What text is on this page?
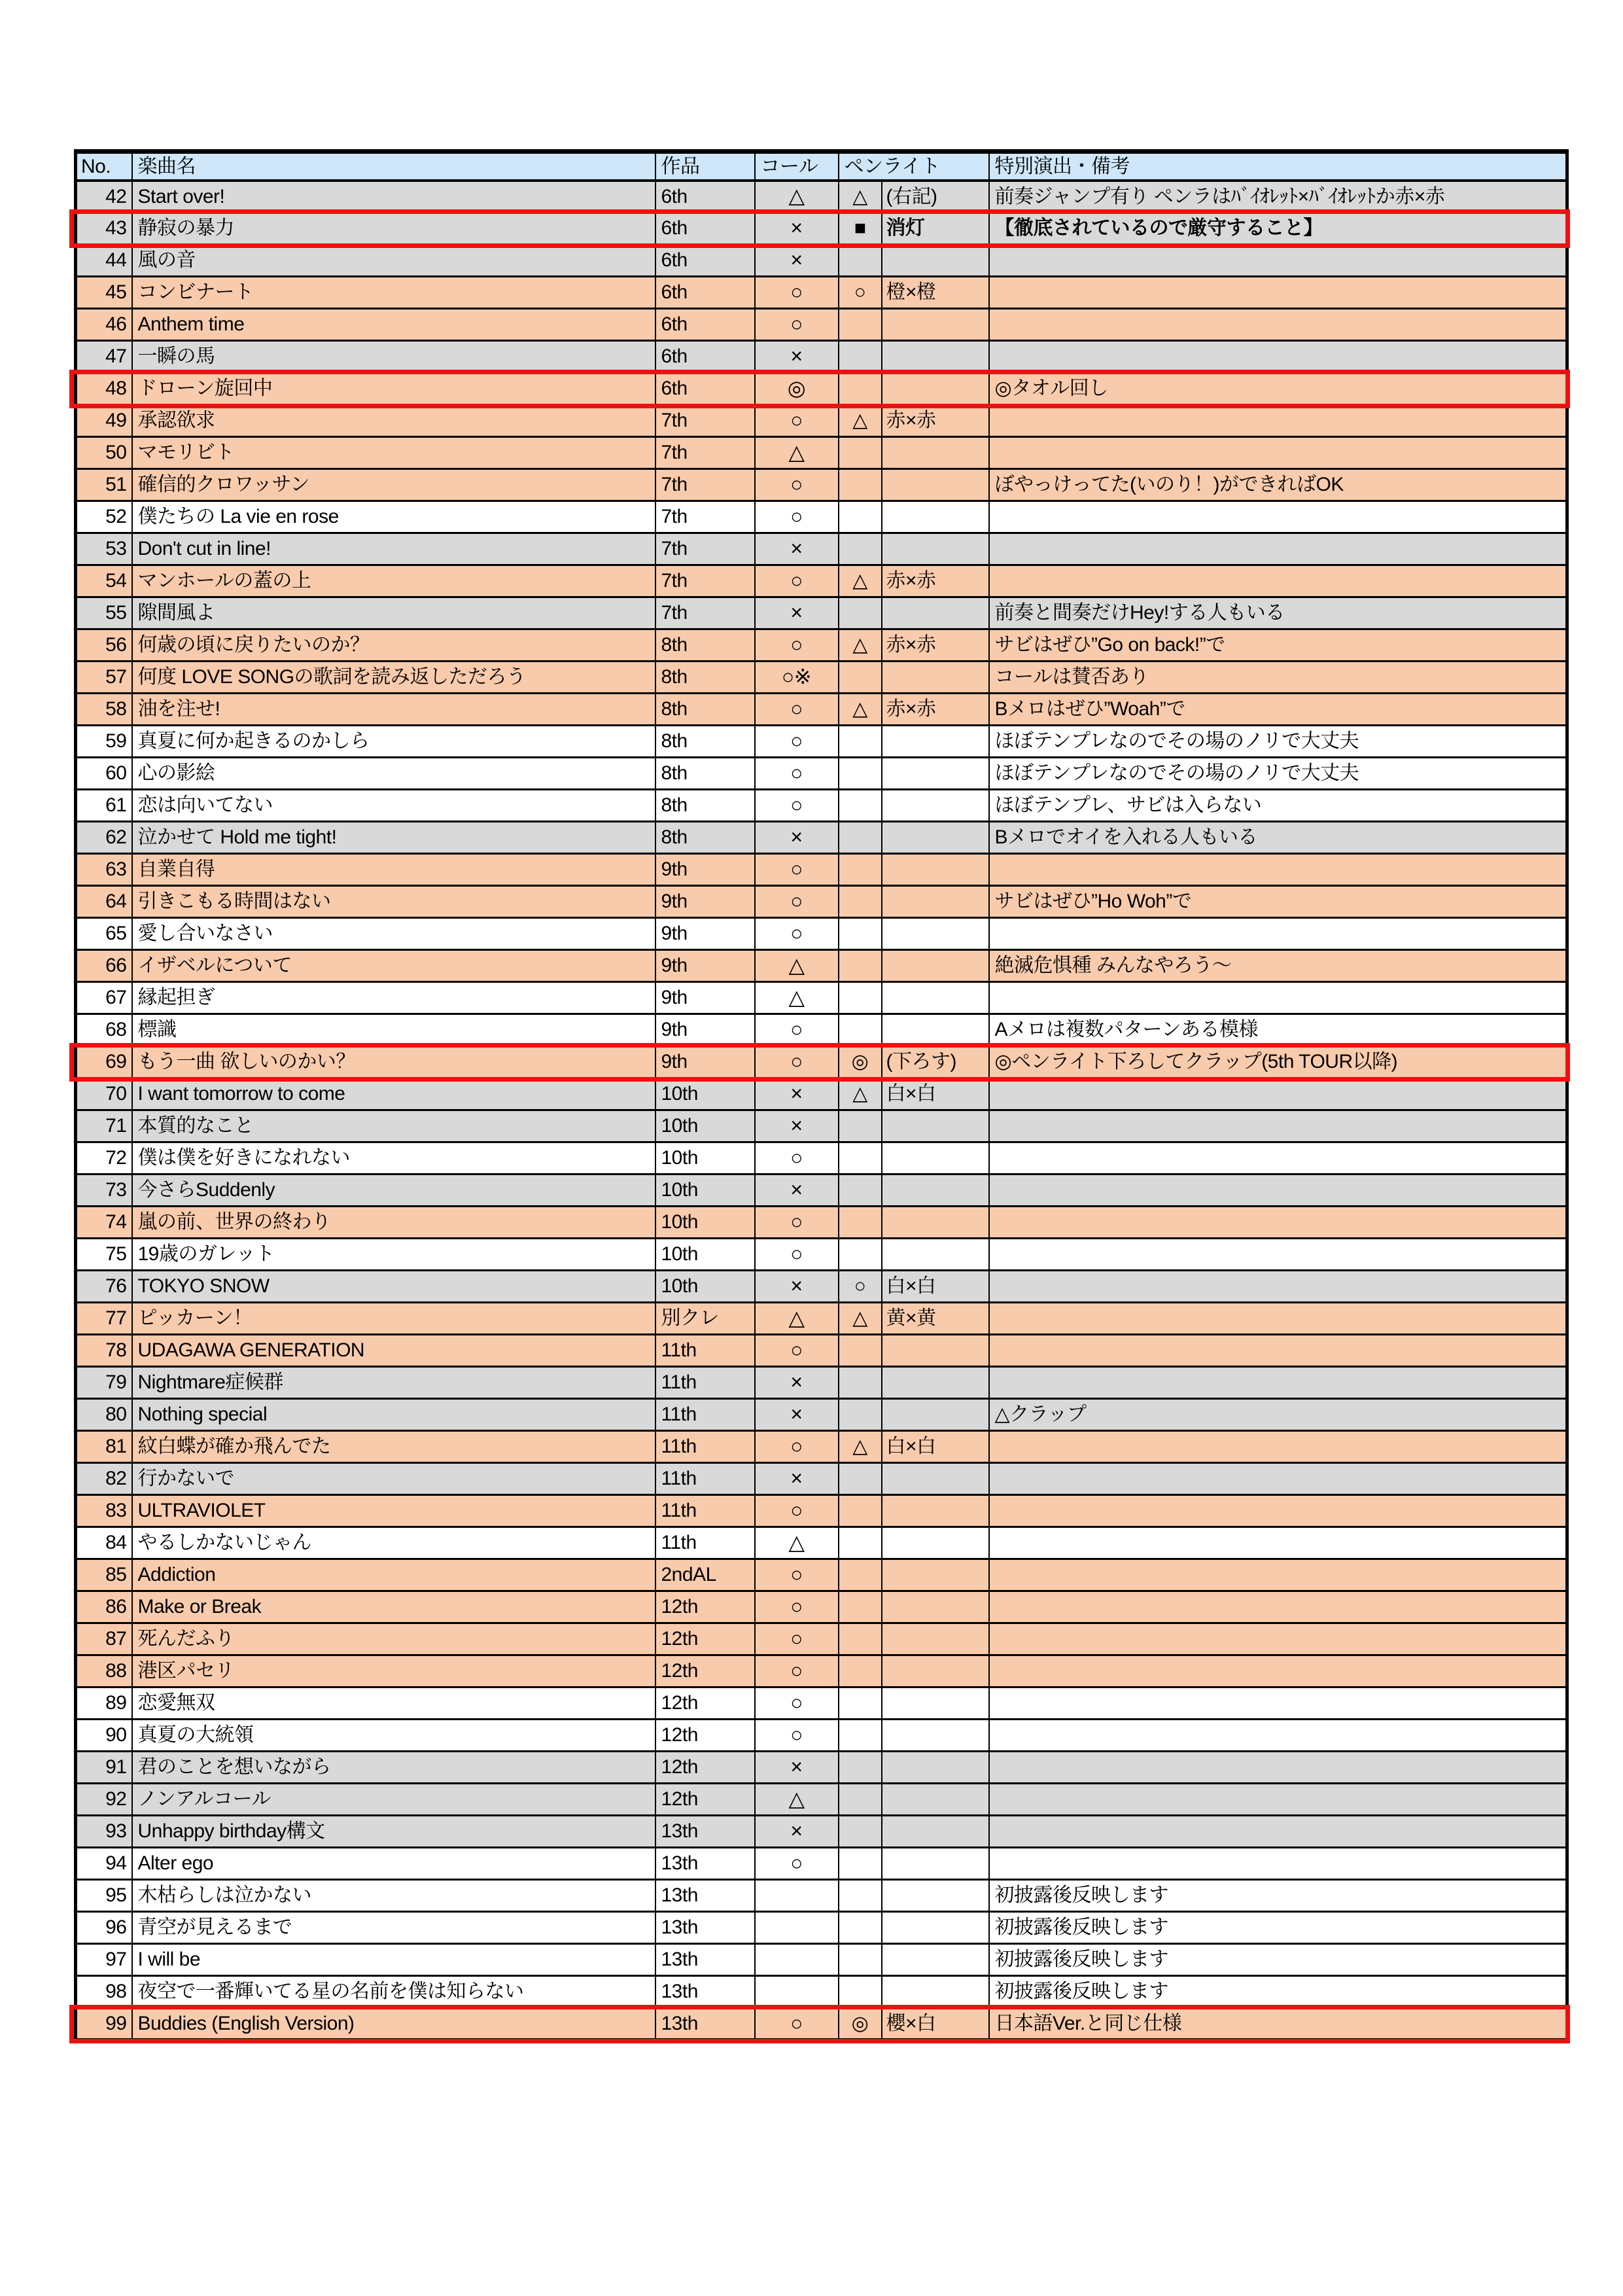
No.	楽曲名	作品	コール	ペンライト		特別演出・備考
42	Start over!	6th	△	△	(右記)	前奏ジャンプ有り ペンラはﾊﾞｲｵﾚｯﾄ×ﾊﾞｲｵﾚｯﾄか赤×赤
43	静寂の暴力	6th	×	■	消灯	【徹底されているので厳守すること】
44	風の音	6th	×			
45	コンビナート	6th	○	○	橙×橙	
46	Anthem time	6th	○			
47	一瞬の馬	6th	×			
48	ドローン旋回中	6th	◎			◎タオル回し
49	承認欲求	7th	○	△	赤×赤	
50	マモリビト	7th	△			
51	確信的クロワッサン	7th	○			ぼやっけってた(いのり！)ができればOK
52	僕たちの La vie en rose	7th	○			
53	Don't cut in line!	7th	×			
54	マンホールの蓋の上	7th	○	△	赤×赤	
55	隙間風よ	7th	×			前奏と間奏だけHey!する人もいる
56	何歳の頃に戻りたいのか？	8th	○	△	赤×赤	サビはぜひ”Go on back!”で
57	何度 LOVE SONGの歌詞を読み返しただろう	8th	○※			コールは賛否あり
58	油を注せ!	8th	○	△	赤×赤	Bメロはぜひ”Woah”で
59	真夏に何か起きるのかしら	8th	○			ほぼテンプレなのでその場のノリで大丈夫
60	心の影絵	8th	○			ほぼテンプレなのでその場のノリで大丈夫
61	恋は向いてない	8th	○			ほぼテンプレ、サビは入らない
62	泣かせて Hold me tight!	8th	×			Bメロでオイを入れる人もいる
63	自業自得	9th	○			
64	引きこもる時間はない	9th	○			サビはぜひ”Ho Woh”で
65	愛し合いなさい	9th	○			
66	イザベルについて	9th	△			絶滅危惧種 みんなやろう～
67	縁起担ぎ	9th	△			
68	標識	9th	○			Aメロは複数パターンある模様
69	もう一曲 欲しいのかい？	9th	○	◎	(下ろす)	◎ペンライト下ろしてクラップ(5th TOUR以降)
70	I want tomorrow to come	10th	×	△	白×白	
71	本質的なこと	10th	×			
72	僕は僕を好きになれない	10th	○			
73	今さらSuddenly	10th	×			
74	嵐の前、世界の終わり	10th	○			
75	19歳のガレット	10th	○			
76	TOKYO SNOW	10th	×	○	白×白	
77	ピッカーン！	別クレ	△	△	黄×黄	
78	UDAGAWA GENERATION	11th	○			
79	Nightmare症候群	11th	×			
80	Nothing special	11th	×			△クラップ
81	紋白蝶が確か飛んでた	11th	○	△	白×白	
82	行かないで	11th	×			
83	ULTRAVIOLET	11th	○			
84	やるしかないじゃん	11th	△			
85	Addiction	2ndAL	○			
86	Make or Break	12th	○			
87	死んだふり	12th	○			
88	港区パセリ	12th	○			
89	恋愛無双	12th	○			
90	真夏の大統領	12th	○			
91	君のことを想いながら	12th	×			
92	ノンアルコール	12th	△			
93	Unhappy birthday構文	13th	×			
94	Alter ego	13th	○			
95	木枯らしは泣かない	13th				初披露後反映します
96	青空が見えるまで	13th				初披露後反映します
97	I will be	13th				初披露後反映します
98	夜空で一番輝いてる星の名前を僕は知らない	13th				初披露後反映します
99	Buddies (English Version)	13th	○	◎	櫻×白	日本語Ver.と同じ仕様
